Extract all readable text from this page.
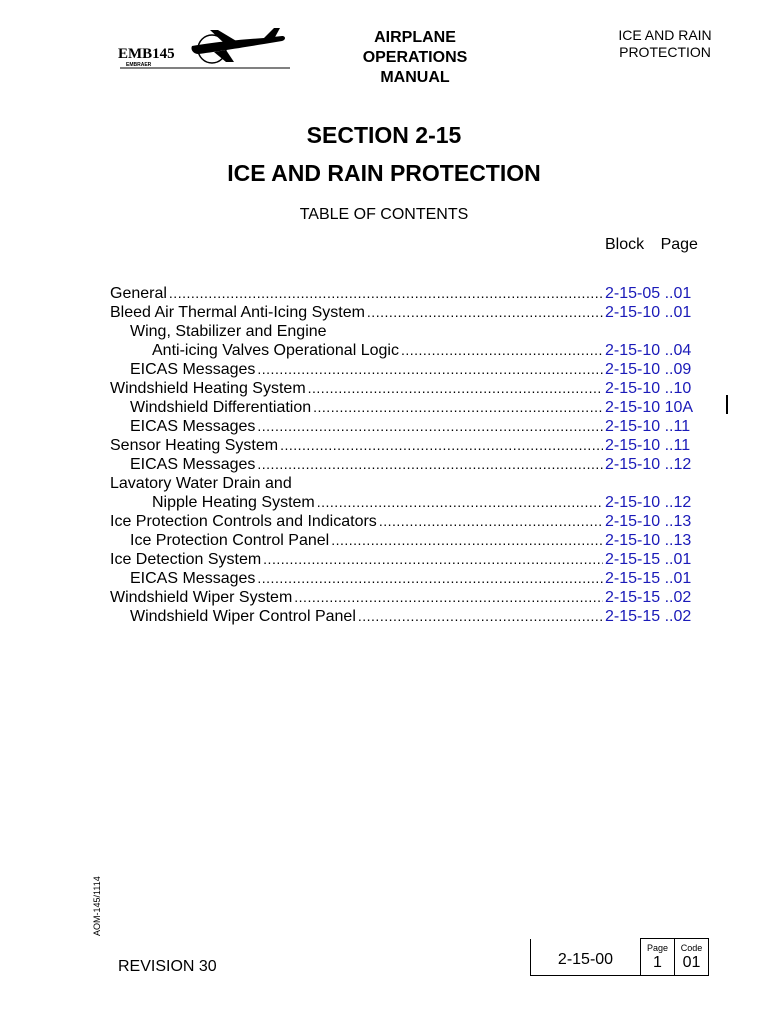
EMB145
EMBRAER
AIRPLANE
OPERATIONS
MANUAL
ICE AND RAIN
PROTECTION
SECTION 2-15
ICE AND RAIN PROTECTION
TABLE OF CONTENTS
Block Page
General .....	2-15-05 ..01
Bleed Air Thermal Anti-Icing System .....	2-15-10 ..01
Wing, Stabilizer and Engine
Anti-icing Valves Operational Logic .....	2-15-10 ..04
EICAS Messages .....	2-15-10 ..09
Windshield Heating System .....	2-15-10 ..10
Windshield Differentiation .....	2-15-10 10A
EICAS Messages .....	2-15-10 ..11
Sensor Heating System .....	2-15-10 ..11
EICAS Messages .....	2-15-10 ..12
Lavatory Water Drain and
Nipple Heating System .....	2-15-10 ..12
Ice Protection Controls and Indicators .....	2-15-10 ..13
Ice Protection Control Panel .....	2-15-10 ..13
Ice Detection System .....	2-15-15 ..01
EICAS Messages .....	2-15-15 ..01
Windshield Wiper System .....	2-15-15 ..02
Windshield Wiper Control Panel .....	2-15-15 ..02
AOM-145/1114
REVISION 30	2-15-00	
Page
1

Code
01
